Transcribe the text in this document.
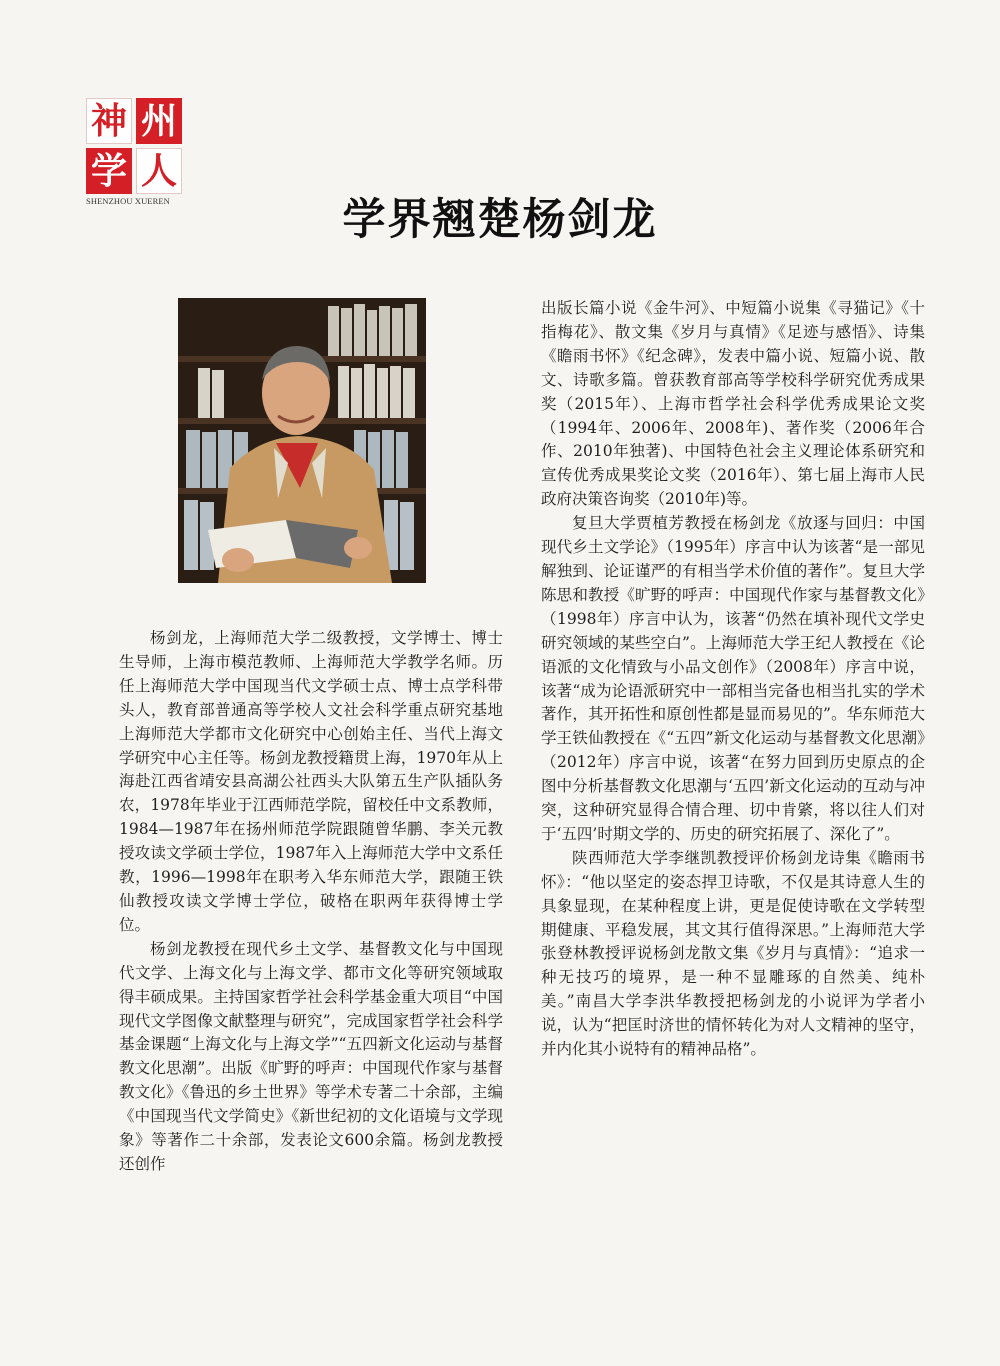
神 州
学 人
SHENZHOU XUEREN	学界翘楚杨剑龙

杨剑龙，上海师范大学二级教授，文学博士、博士生导师，上海市模范教师、上海师范大学教学名师。历任上海师范大学中国现当代文学硕士点、博士点学科带头人，教育部普通高等学校人文社会科学重点研究基地上海师范大学都市文化研究中心创始主任、当代上海文学研究中心主任等。杨剑龙教授籍贯上海，1970年从上海赴江西省靖安县高湖公社西头大队第五生产队插队务农，1978年毕业于江西师范学院，留校任中文系教师，1984—1987年在扬州师范学院跟随曾华鹏、李关元教授攻读文学硕士学位，1987年入上海师范大学中文系任教，1996—1998年在职考入华东师范大学，跟随王铁仙教授攻读文学博士学位，破格在职两年获得博士学位。

杨剑龙教授在现代乡土文学、基督教文化与中国现代文学、上海文化与上海文学、都市文化等研究领域取得丰硕成果。主持国家哲学社会科学基金重大项目“中国现代文学图像文献整理与研究”，完成国家哲学社会科学基金课题“上海文化与上海文学”“五四新文化运动与基督教文化思潮”。出版《旷野的呼声：中国现代作家与基督教文化》《鲁迅的乡土世界》等学术专著二十余部，主编《中国现当代文学简史》《新世纪初的文化语境与文学现象》等著作二十余部，发表论文600余篇。杨剑龙教授还创作

出版长篇小说《金牛河》、中短篇小说集《寻猫记》《十指梅花》、散文集《岁月与真情》《足迹与感悟》、诗集《瞻雨书怀》《纪念碑》，发表中篇小说、短篇小说、散文、诗歌多篇。曾获教育部高等学校科学研究优秀成果奖（2015年）、上海市哲学社会科学优秀成果论文奖（1994年、2006年、2008年)、著作奖（2006年合作、2010年独著)、中国特色社会主义理论体系研究和宣传优秀成果奖论文奖（2016年）、第七届上海市人民政府决策咨询奖（2010年)等。

复旦大学贾植芳教授在杨剑龙《放逐与回归：中国现代乡土文学论》（1995年）序言中认为该著“是一部见解独到、论证谨严的有相当学术价值的著作”。复旦大学陈思和教授《旷野的呼声：中国现代作家与基督教文化》（1998年）序言中认为，该著“仍然在填补现代文学史研究领域的某些空白”。上海师范大学王纪人教授在《论语派的文化情致与小品文创作》（2008年）序言中说，该著“成为论语派研究中一部相当完备也相当扎实的学术著作，其开拓性和原创性都是显而易见的”。华东师范大学王铁仙教授在《“五四”新文化运动与基督教文化思潮》（2012年）序言中说，该著“在努力回到历史原点的企图中分析基督教文化思潮与‘五四’新文化运动的互动与冲突，这种研究显得合情合理、切中肯綮，将以往人们对于‘五四’时期文学的、历史的研究拓展了、深化了”。

陕西师范大学李继凯教授评价杨剑龙诗集《瞻雨书怀》：“他以坚定的姿态捍卫诗歌，不仅是其诗意人生的具象显现，在某种程度上讲，更是促使诗歌在文学转型期健康、平稳发展，其文其行值得深思。”上海师范大学张登林教授评说杨剑龙散文集《岁月与真情》：“追求一种无技巧的境界，是一种不显雕琢的自然美、纯朴美。”南昌大学李洪华教授把杨剑龙的小说评为学者小说，认为“把匡时济世的情怀转化为对人文精神的坚守，并内化其小说特有的精神品格”。
